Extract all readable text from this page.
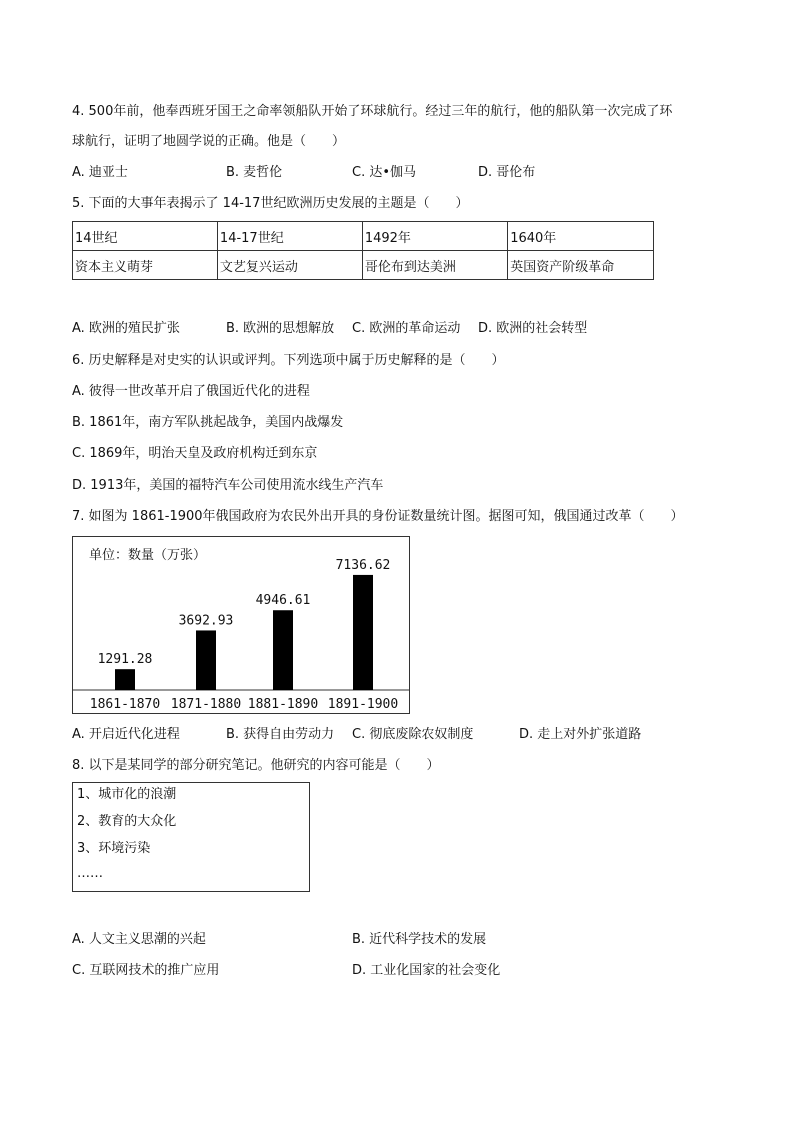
4. 500年前，他奉西班牙国王之命率领船队开始了环球航行。经过三年的航行，他的船队第一次完成了环
球航行，证明了地圆学说的正确。他是（　　）
A. 迪亚士	B. 麦哲伦	C. 达•伽马	D. 哥伦布
5. 下面的大事年表揭示了 14-17世纪欧洲历史发展的主题是（　　）
14世纪	14-17世纪	1492年	1640年
资本主义萌芽	文艺复兴运动	哥伦布到达美洲	英国资产阶级革命
A. 欧洲的殖民扩张	B. 欧洲的思想解放 C. 欧洲的革命运动 D. 欧洲的社会转型
6. 历史解释是对史实的认识或评判。下列选项中属于历史解释的是（　　）
A. 彼得一世改革开启了俄国近代化的进程
B. 1861年，南方军队挑起战争，美国内战爆发
C. 1869年，明治天皇及政府机构迁到东京
D. 1913年，美国的福特汽车公司使用流水线生产汽车
7. 如图为 1861-1900年俄国政府为农民外出开具的身份证数量统计图。据图可知，俄国通过改革（　　）
单位：数量（万张）
1291.28
1861-1870
3692.93
1871-1880
4946.61
1881-1890
7136.62
1891-1900
A. 开启近代化进程	B. 获得自由劳动力 C. 彻底废除农奴制度	D. 走上对外扩张道路
8. 以下是某同学的部分研究笔记。他研究的内容可能是（　　）
1、城市化的浪潮
2、教育的大众化
3、环境污染
……
A. 人文主义思潮的兴起	B. 近代科学技术的发展
C. 互联网技术的推广应用	D. 工业化国家的社会变化
